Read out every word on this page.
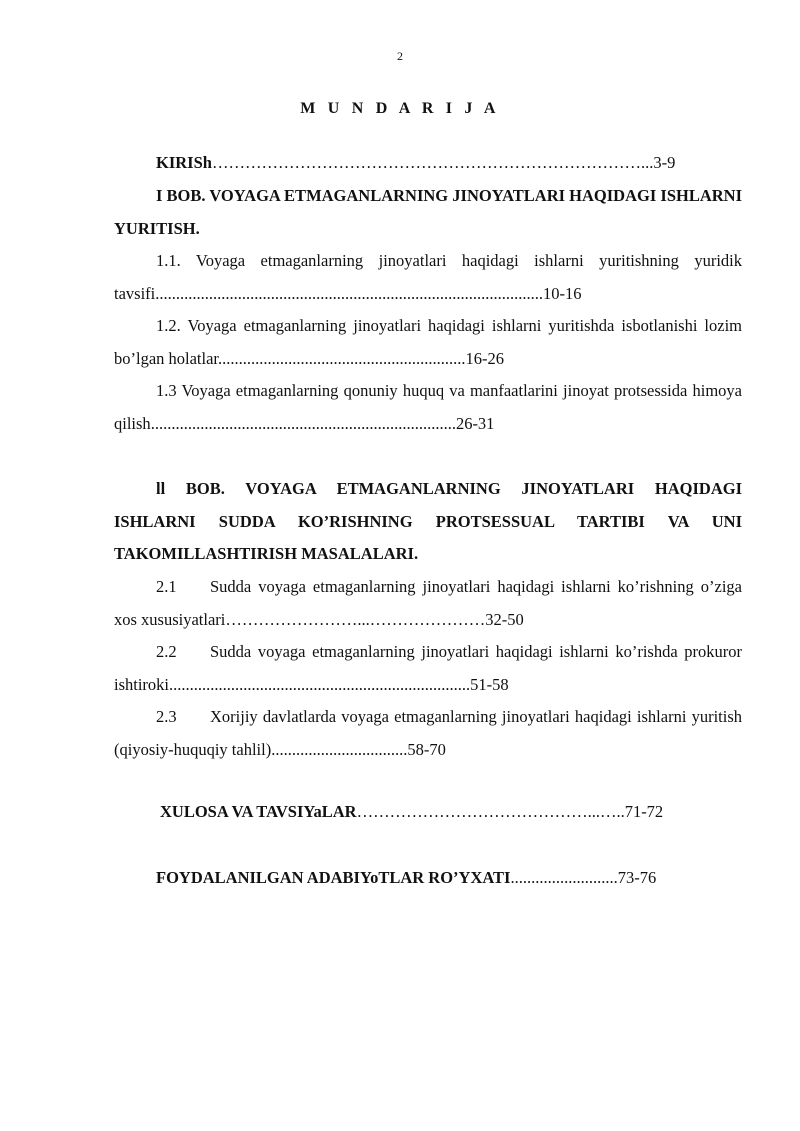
2
M U N D A R I J A
KIRISh……………………………………………………………………...3-9
I BOB. VOYAGA ETMAGANLARNING JINOYATLARI HAQIDAGI ISHLARNI YURITISH.
1.1. Voyaga etmaganlarning jinoyatlari haqidagi ishlarni yuritishning yuridik tavsifi..............................................................................................10-16
1.2. Voyaga etmaganlarning jinoyatlari haqidagi ishlarni yuritishda isbotlanishi lozim bo’lgan holatlar............................................................16-26
1.3 Voyaga etmaganlarning qonuniy huquq va manfaatlarini jinoyat protsessida himoya qilish..........................................................................26-31
ll BOB. VOYAGA ETMAGANLARNING JINOYATLARI HAQIDAGI ISHLARNI SUDDA KO’RISHNING PROTSESSUAL TARTIBI VA UNI TAKOMILLASHTIRISH MASALALARI.
2.1 Sudda voyaga etmaganlarning jinoyatlari haqidagi ishlarni ko’rishning o’ziga xos xususiyatlari……………………...…………………32-50
2.2 Sudda voyaga etmaganlarning jinoyatlari haqidagi ishlarni ko’rishda prokuror ishtiroki.........................................................................51-58
2.3 Xorijiy davlatlarda voyaga etmaganlarning jinoyatlari haqidagi ishlarni yuritish (qiyosiy-huquqiy tahlil).................................58-70
XULOSA VA TAVSIYaLAR……………………………………...…..71-72
FOYDALANILGAN ADABIYoTLAR RO’YXATI..........................73-76
